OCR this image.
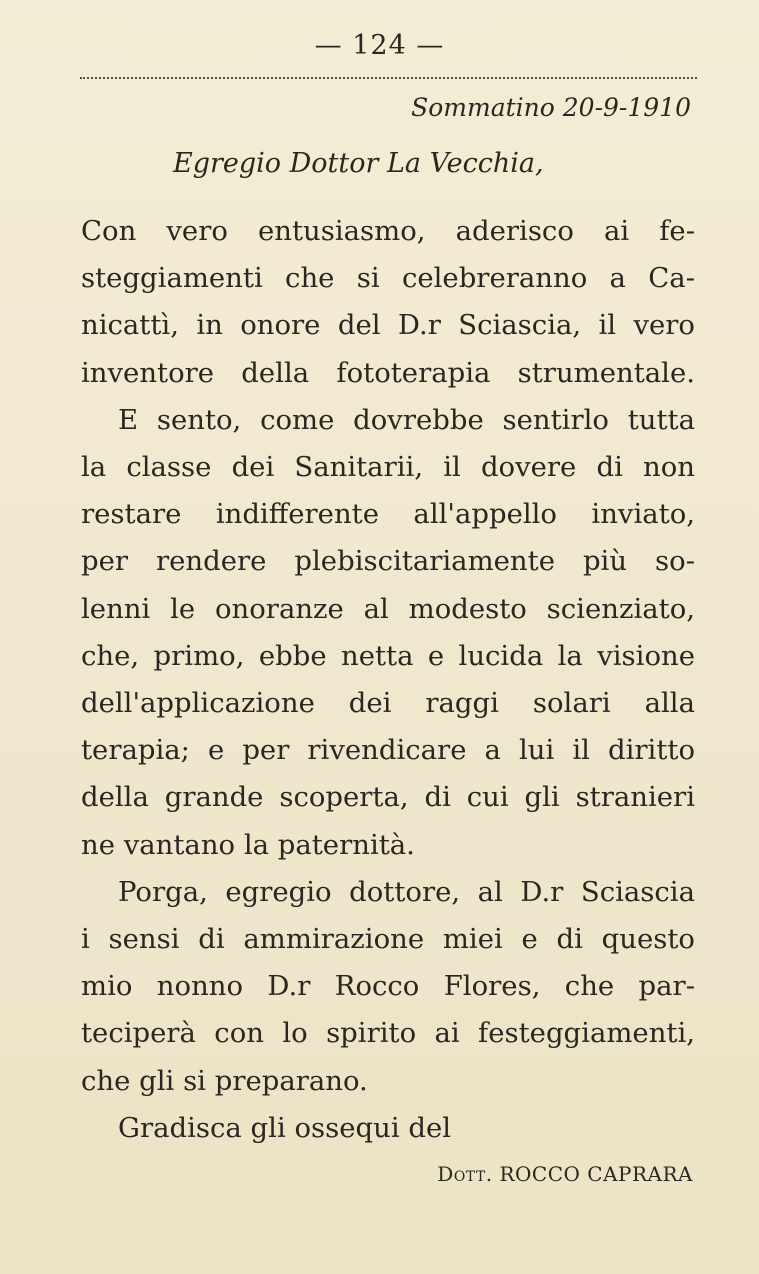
— 124 —
Sommatino 20-9-1910
Egregio Dottor La Vecchia,
Con vero entusiasmo, aderisco ai fe-
steggiamenti che si celebreranno a Ca-
nicattì, in onore del D.r Sciascia, il vero
inventore della fototerapia strumentale.
E sento, come dovrebbe sentirlo tutta
la classe dei Sanitarii, il dovere di non
restare indifferente all'appello inviato,
per rendere plebiscitariamente più so-
lenni le onoranze al modesto scienziato,
che, primo, ebbe netta e lucida la visione
dell'applicazione dei raggi solari alla
terapia; e per rivendicare a lui il diritto
della grande scoperta, di cui gli stranieri
ne vantano la paternità.
Porga, egregio dottore, al D.r Sciascia
i sensi di ammirazione miei e di questo
mio nonno D.r Rocco Flores, che par-
teciperà con lo spirito ai festeggiamenti,
che gli si preparano.
Gradisca gli ossequi del
Dott. ROCCO CAPRARA
